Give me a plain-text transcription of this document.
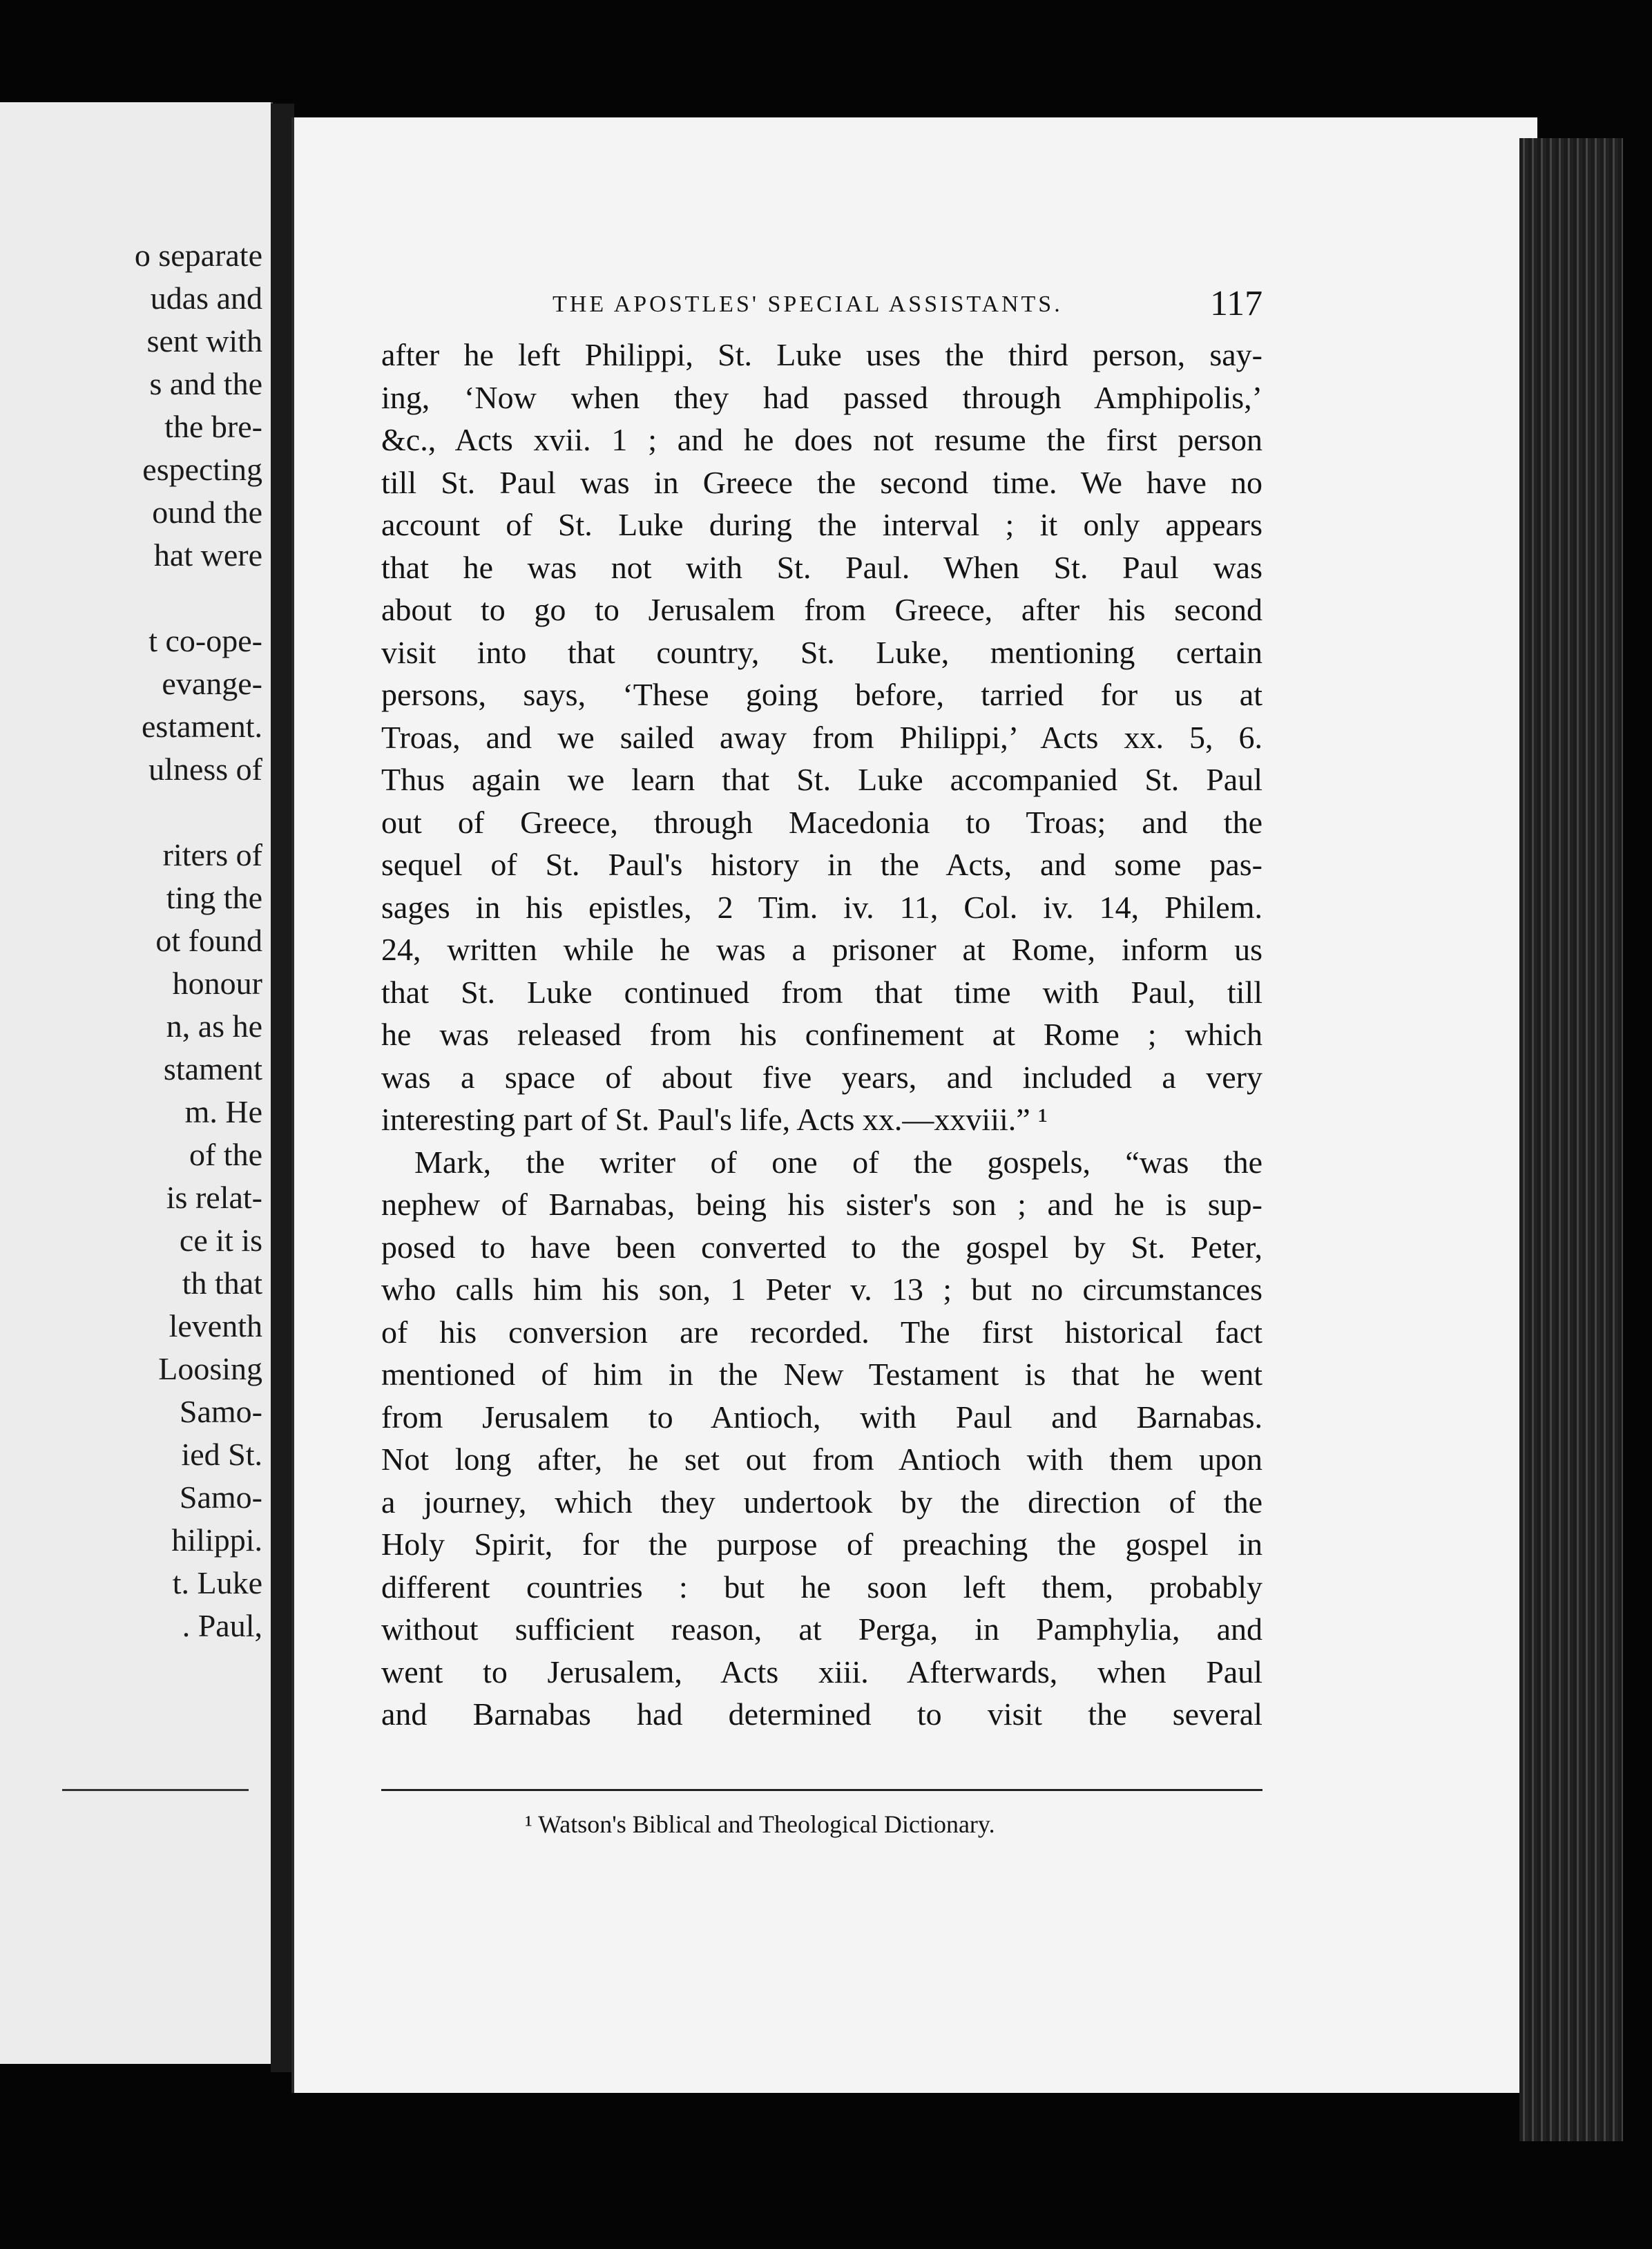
o separate
udas and
sent with
s and the
the bre-
especting
ound the
hat were
t co-ope-
evange-
estament.
ulness of
riters of
ting the
ot found
honour
n, as he
stament
m. He
of the
is relat-
ce it is
th that
leventh
Loosing
Samo-
ied St.
Samo-
hilippi.
t. Luke
. Paul,
THE APOSTLES' SPECIAL ASSISTANTS.	117
after he left Philippi, St. Luke uses the third person, say-
ing, ‘Now when they had passed through Amphipolis,’
&c., Acts xvii. 1 ; and he does not resume the first person
till St. Paul was in Greece the second time. We have no
account of St. Luke during the interval ; it only appears
that he was not with St. Paul. When St. Paul was
about to go to Jerusalem from Greece, after his second
visit into that country, St. Luke, mentioning certain
persons, says, ‘These going before, tarried for us at
Troas, and we sailed away from Philippi,’ Acts xx. 5, 6.
Thus again we learn that St. Luke accompanied St. Paul
out of Greece, through Macedonia to Troas; and the
sequel of St. Paul's history in the Acts, and some pas-
sages in his epistles, 2 Tim. iv. 11, Col. iv. 14, Philem.
24, written while he was a prisoner at Rome, inform us
that St. Luke continued from that time with Paul, till
he was released from his confinement at Rome ; which
was a space of about five years, and included a very
interesting part of St. Paul's life, Acts xx.—xxviii.” ¹
Mark, the writer of one of the gospels, “was the
nephew of Barnabas, being his sister's son ; and he is sup-
posed to have been converted to the gospel by St. Peter,
who calls him his son, 1 Peter v. 13 ; but no circumstances
of his conversion are recorded. The first historical fact
mentioned of him in the New Testament is that he went
from Jerusalem to Antioch, with Paul and Barnabas.
Not long after, he set out from Antioch with them upon
a journey, which they undertook by the direction of the
Holy Spirit, for the purpose of preaching the gospel in
different countries : but he soon left them, probably
without sufficient reason, at Perga, in Pamphylia, and
went to Jerusalem, Acts xiii. Afterwards, when Paul
and Barnabas had determined to visit the several
¹ Watson's Biblical and Theological Dictionary.
